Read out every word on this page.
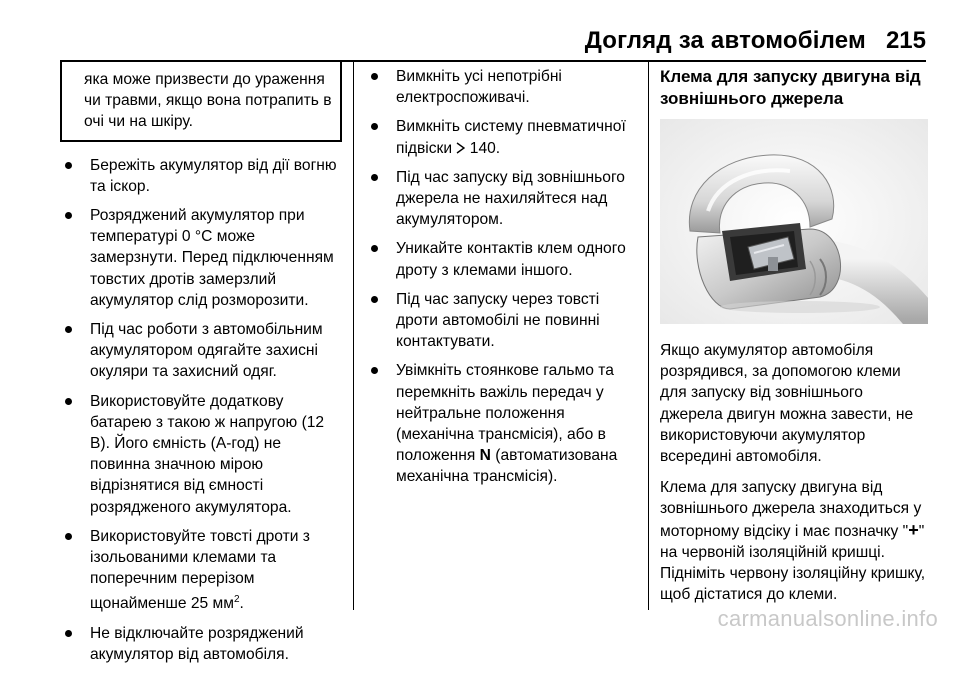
Догляд за автомобілем 215
яка може призвести до ураження чи травми, якщо вона потрапить в очі чи на шкіру.
Бережіть акумулятор від дії вогню та іскор.
Розряджений акумулятор при температурі 0 °C може замерзнути. Перед підключенням товстих дротів замерзлий акумулятор слід розморозити.
Під час роботи з автомобільним акумулятором одягайте захисні окуляри та захисний одяг.
Використовуйте додаткову батарею з такою ж напругою (12 В). Його ємність (А-год) не повинна значною мірою відрізнятися від ємності розрядженого акумулятора.
Використовуйте товсті дроти з ізольованими клемами та поперечним перерізом щонайменше 25 $мм^2$.
Не відключайте розряджений акумулятор від автомобіля.
Вимкніть усі непотрібні електроспоживачі.
Вимкніть систему пневматичної підвіски 140.
Під час запуску від зовнішнього джерела не нахиляйтеся над акумулятором.
Уникайте контактів клем одного дроту з клемами іншого.
Під час запуску через товсті дроти автомобілі не повинні контактувати.
Увімкніть стоянкове гальмо та перемкніть важіль передач у нейтральне положення (механічна трансмісія), або в положення N (автоматизована механічна трансмісія).
Клема для запуску двигуна від зовнішнього джерела

Якщо акумулятор автомобіля розрядився, за допомогою клеми для запуску від зовнішнього джерела двигун можна завести, не використовуючи акумулятор всередині автомобіля.

Клема для запуску двигуна від зовнішнього джерела знаходиться у моторному відсіку і має позначку "+" на червоній ізоляційній кришці. Підніміть червону ізоляційну кришку, щоб дістатися до клеми.

carmanualsonline.info
